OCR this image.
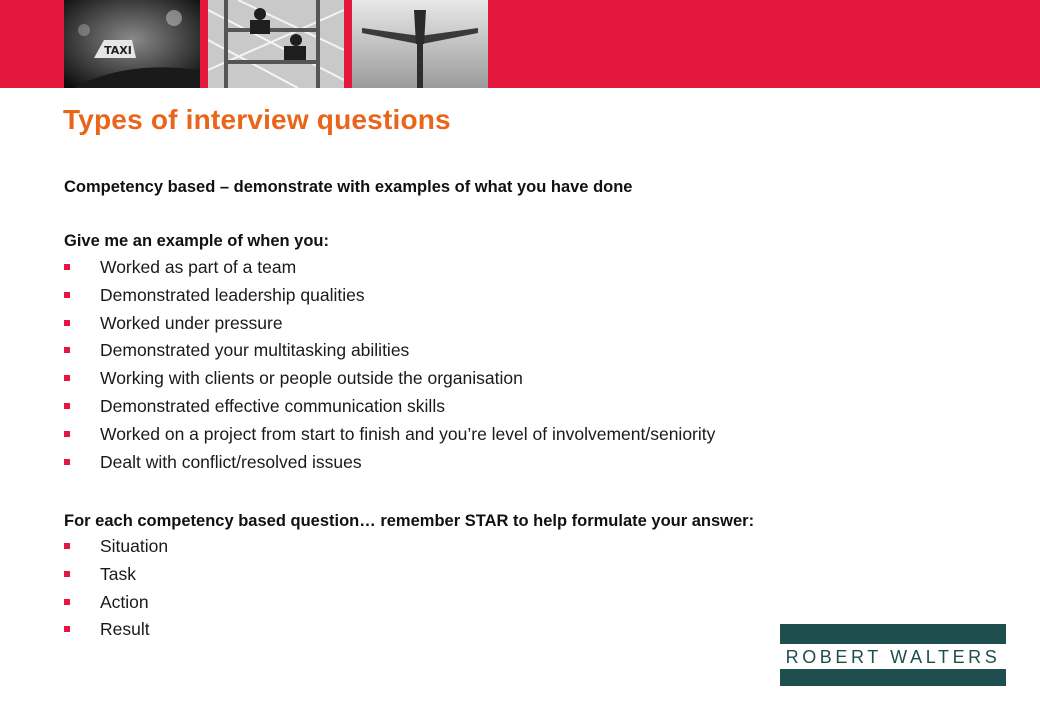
TAXI
Types of interview questions
Competency based – demonstrate with examples of what you have done
Give me an example of when you:
Worked as part of a team
Demonstrated leadership qualities
Worked under pressure
Demonstrated your multitasking abilities
Working with clients or people outside the organisation
Demonstrated effective communication skills
Worked on a project from start to finish and you’re level of involvement/seniority
Dealt with conflict/resolved issues
For each competency based question… remember STAR to help formulate your answer:
Situation
Task
Action
Result
ROBERT WALTERS
